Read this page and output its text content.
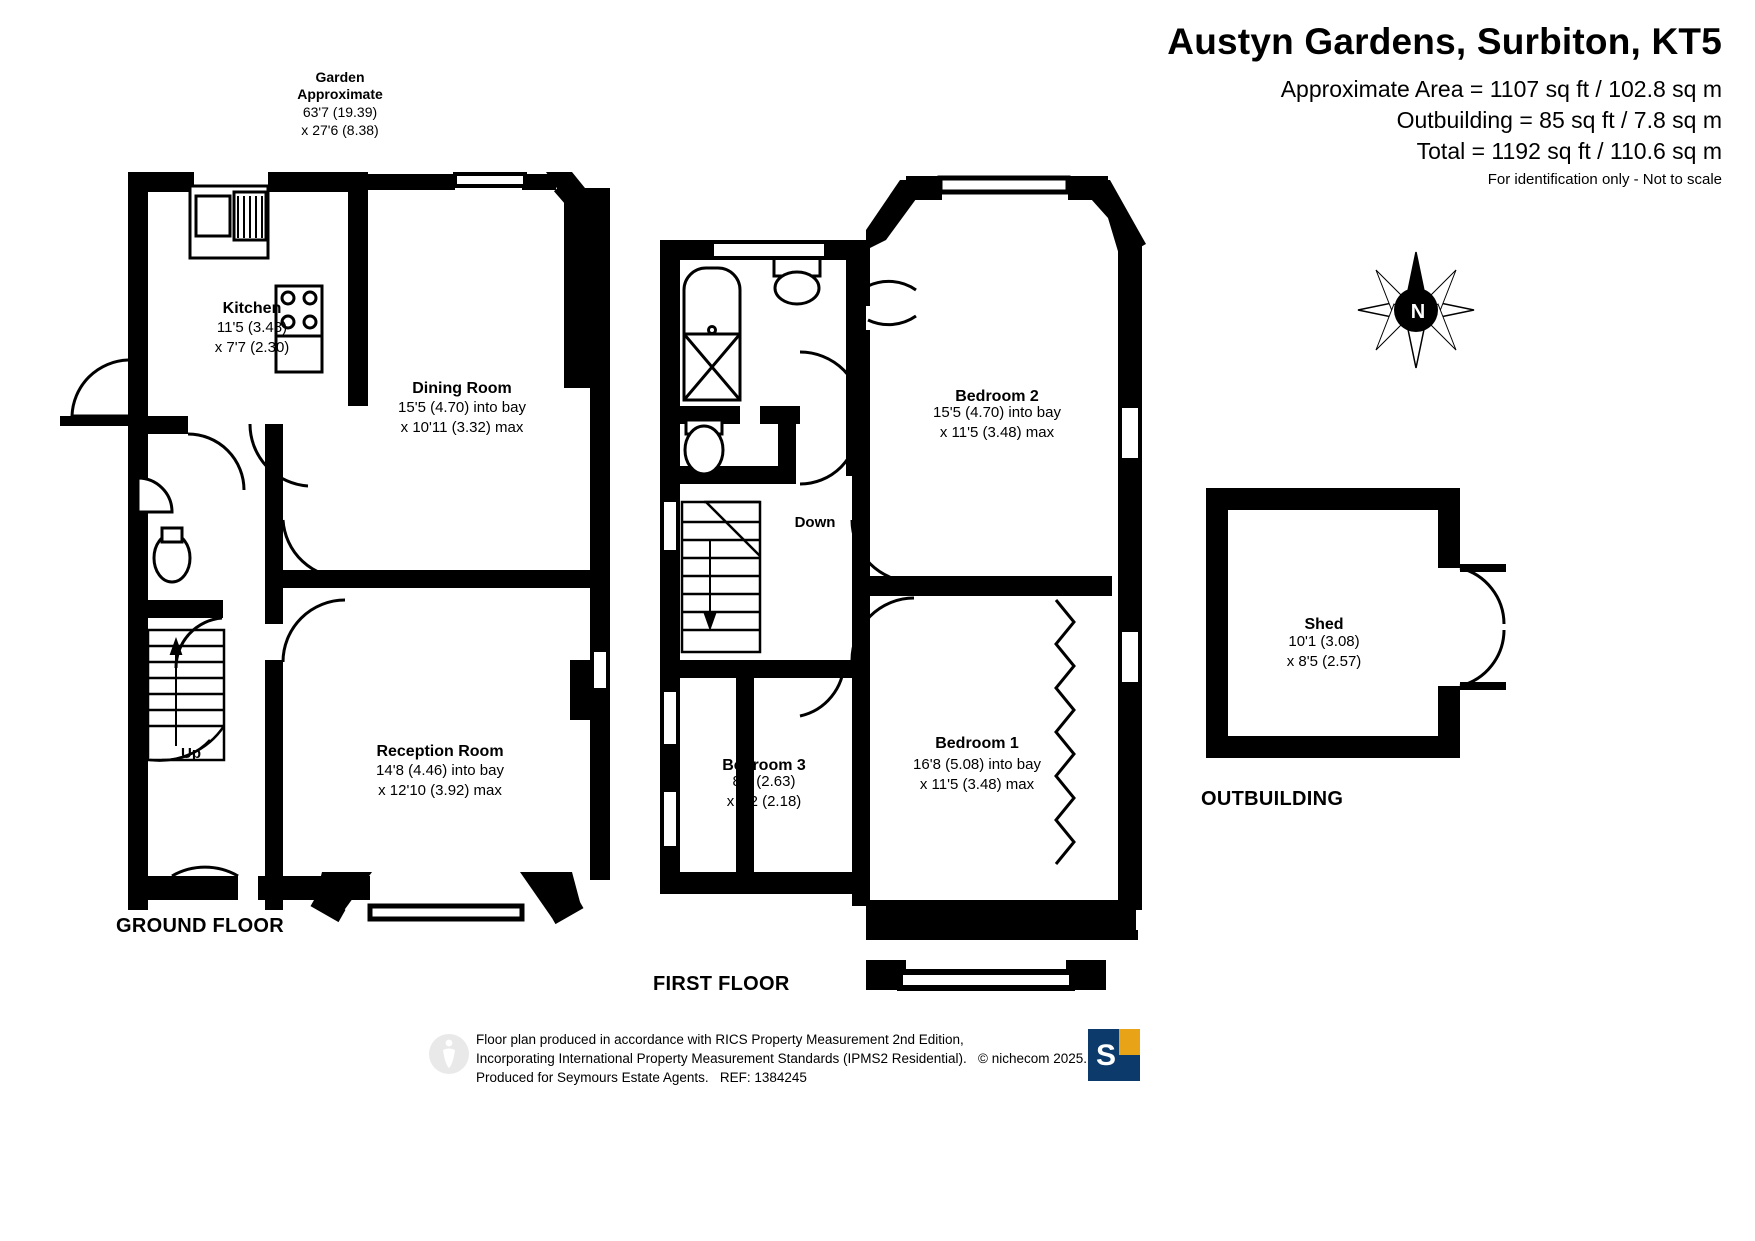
Austyn Gardens, Surbiton, KT5
Approximate Area = 1107 sq ft / 102.8 sq m
Outbuilding = 85 sq ft / 7.8 sq m
Total = 1192 sq ft / 110.6 sq m
For identification only - Not to scale
N
Garden
Approximate
63'7 (19.39)
x 27'6 (8.38)
Kitchen
11'5 (3.48)
x 7'7 (2.30)
Dining Room
15'5 (4.70) into bay
x 10'11 (3.32) max
Reception Room
14'8 (4.46) into bay
x 12'10 (3.92) max
Up
GROUND FLOOR
Bedroom 2
15'5 (4.70) into bay
x 11'5 (3.48) max
Bedroom 1
16'8 (5.08) into bay
x 11'5 (3.48) max
Bedroom 3
8'8 (2.63)
x 7'2 (2.18)
Down
FIRST FLOOR
Shed
10'1 (3.08)
x 8'5 (2.57)
OUTBUILDING
Floor plan produced in accordance with RICS Property Measurement 2nd Edition,
Incorporating International Property Measurement Standards (IPMS2 Residential).
Produced for Seymours Estate Agents.   REF: 1384245
© nichecom 2025. S
